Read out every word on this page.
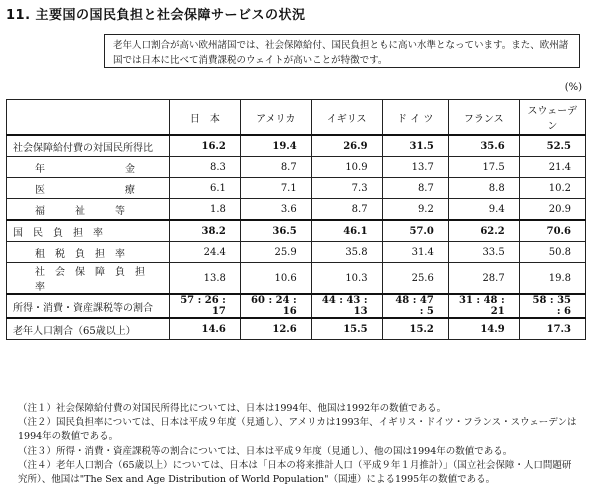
11. 主要国の国民負担と社会保障サービスの状況
老年人口割合が高い欧州諸国では、社会保障給付、国民負担ともに高い水準となっています。また、欧州諸国では日本に比べて消費課税のウェイトが高いことが特徴です。
(%)
	日　本	アメリカ	イギリス	ド イ ツ	フランス	スウェーデン
社会保障給付費の対国民所得比	16.2	19.4	26.9	31.5	35.6	52.5
年　　　　　　　　金	8.3	8.7	10.9	13.7	17.5	21.4
医　　　　　　　　療	6.1	7.1	7.3	8.7	8.8	10.2
福　　　祉　　　等	1.8	3.6	8.7	9.2	9.4	20.9
国　民　負　担　率	38.2	36.5	46.1	57.0	62.2	70.6
租　税　負　担　率	24.4	25.9	35.8	31.4	33.5	50.8
社　会　保　障　負　担　率	13.8	10.6	10.3	25.6	28.7	19.8
所得・消費・資産課税等の割合	57 : 26 : 17	60 : 24 : 16	44 : 43 : 13	48 : 47 : 5	31 : 48 : 21	58 : 35 : 6
老年人口割合（65歳以上）	14.6	12.6	15.5	15.2	14.9	17.3

（注１）社会保障給付費の対国民所得比については、日本は1994年、他国は1992年の数値である。

（注２）国民負担率については、日本は平成９年度（見通し）、アメリカは1993年、イギリス・ドイツ・フランス・スウェーデンは1994年の数値である。

（注３）所得・消費・資産課税等の割合については、日本は平成９年度（見通し）、他の国は1994年の数値である。

（注４）老年人口割合（65歳以上）については、日本は「日本の将来推計人口（平成９年１月推計）」（国立社会保障・人口問題研究所）、他国は"The Sex and Age Distribution of World Population"（国連）による1995年の数値である。
